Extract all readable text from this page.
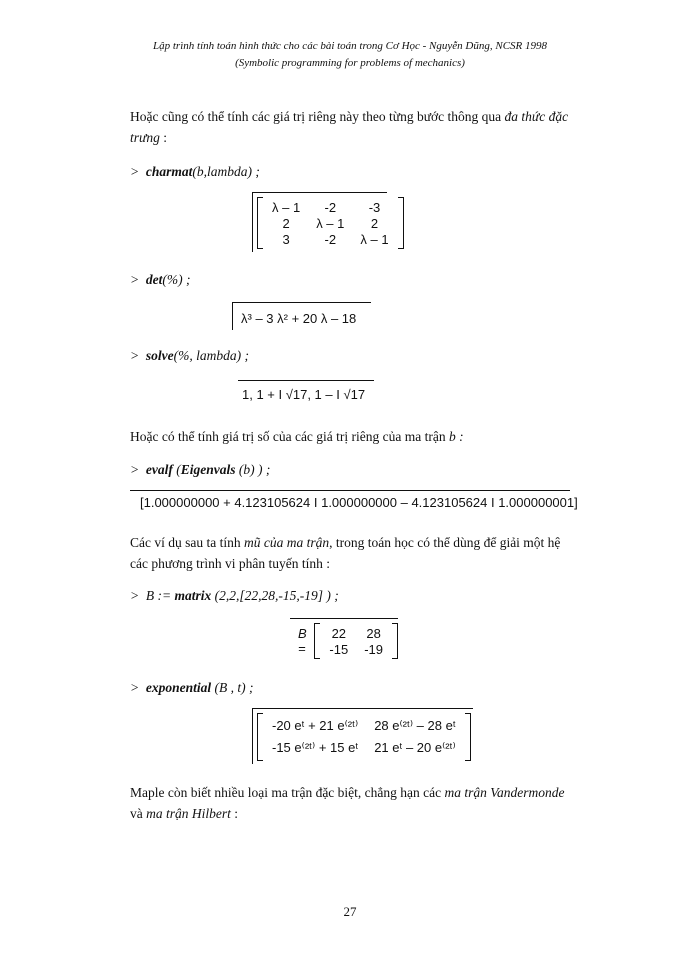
Lập trình tính toán hình thức cho các bài toán trong Cơ Học - Nguyễn Dũng, NCSR 1998
(Symbolic programming for problems of mechanics)
Hoặc cũng có thể tính các giá trị riêng này theo từng bước thông qua đa thức đặc trưng :
> charmat(b,lambda) ;
λ – 1	-2	-3
2	λ – 1	2
3	-2	λ – 1
> det(%) ;
λ³ – 3 λ² + 20 λ – 18
> solve(%, lambda) ;
1, 1 + I √17, 1 – I √17
Hoặc có thể tính giá trị số của các giá trị riêng của ma trận b :
> evalf (Eigenvals (b) ) ;
[1.000000000 + 4.123105624 I 1.000000000 – 4.123105624 I 1.000000001]
Các ví dụ sau ta tính mũ của ma trận, trong toán học có thể dùng để giải một hệ các phương trình vi phân tuyến tính :
> B := matrix (2,2,[22,28,-15,-19] ) ;
B =
22	28
-15	-19
> exponential (B , t) ;
-20 eᵗ + 21 e⁽²ᵗ⁾	28 e⁽²ᵗ⁾ – 28 eᵗ
-15 e⁽²ᵗ⁾ + 15 eᵗ	21 eᵗ – 20 e⁽²ᵗ⁾
Maple còn biết nhiều loại ma trận đặc biệt, chẳng hạn các ma trận Vandermonde và ma trận Hilbert :
27
